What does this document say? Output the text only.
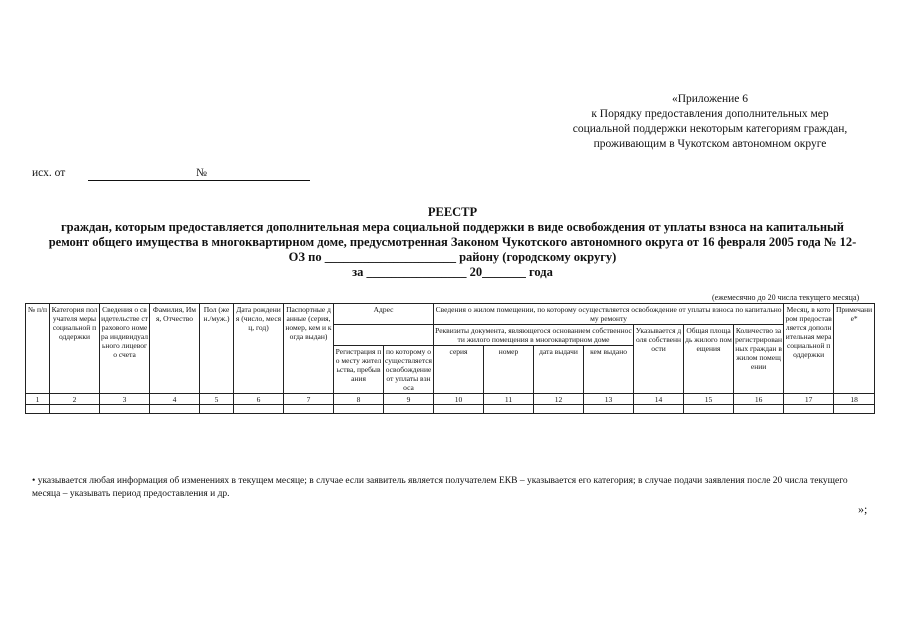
«Приложение 6
к Порядку предоставления дополнительных мер
социальной поддержки некоторым категориям граждан,
проживающим в Чукотском автономном округе
исх. от	№
РЕЕСТР
граждан, которым предоставляется дополнительная мера социальной поддержки в виде освобождения от уплаты взноса на капитальный
ремонт общего имущества в многоквартирном доме, предусмотренная Законом Чукотского автономного округа от 16 февраля 2005 года № 12-
ОЗ по _____________________ району (городскому округу)
за ________________ 20_______ года
(ежемесячно до 20 числа текущего месяца)
№ п/п	Категория получателя меры социальной поддержки	Сведения о свидетельстве страхового номера индивидуального лицевого счета	Фамилия, Имя, Отчество	Пол (жен./муж.)	Дата рождения (число, месяц, год)	Паспортные данные (серия, номер, кем и когда выдан)	Адрес		Сведения о жилом помещении, по которому осуществляется освобождение от уплаты взноса по капитальному ремонту							Месяц, в котором предоставляется дополнительная мера социальной поддержки	Примечание*
									Реквизиты документа, являющегося основанием собственности жилого помещения в многоквартирном доме				Указывается доля собственности	Общая площадь жилого помещения	Количество зарегистрированных граждан в жилом помещении		
							Регистрация по месту жительства, пребывания	по которому осуществляется освобождение от уплаты взноса	серия	номер	дата выдачи	кем выдано					
1	2	3	4	5	6	7	8	9	10	11	12	13	14	15	16	17	18

• указывается любая информация об изменениях в текущем месяце; в случае если заявитель является получателем ЕКВ – указывается его категория; в случае подачи заявления после 20 числа текущего месяца – указывать период предоставления и др.
»;
